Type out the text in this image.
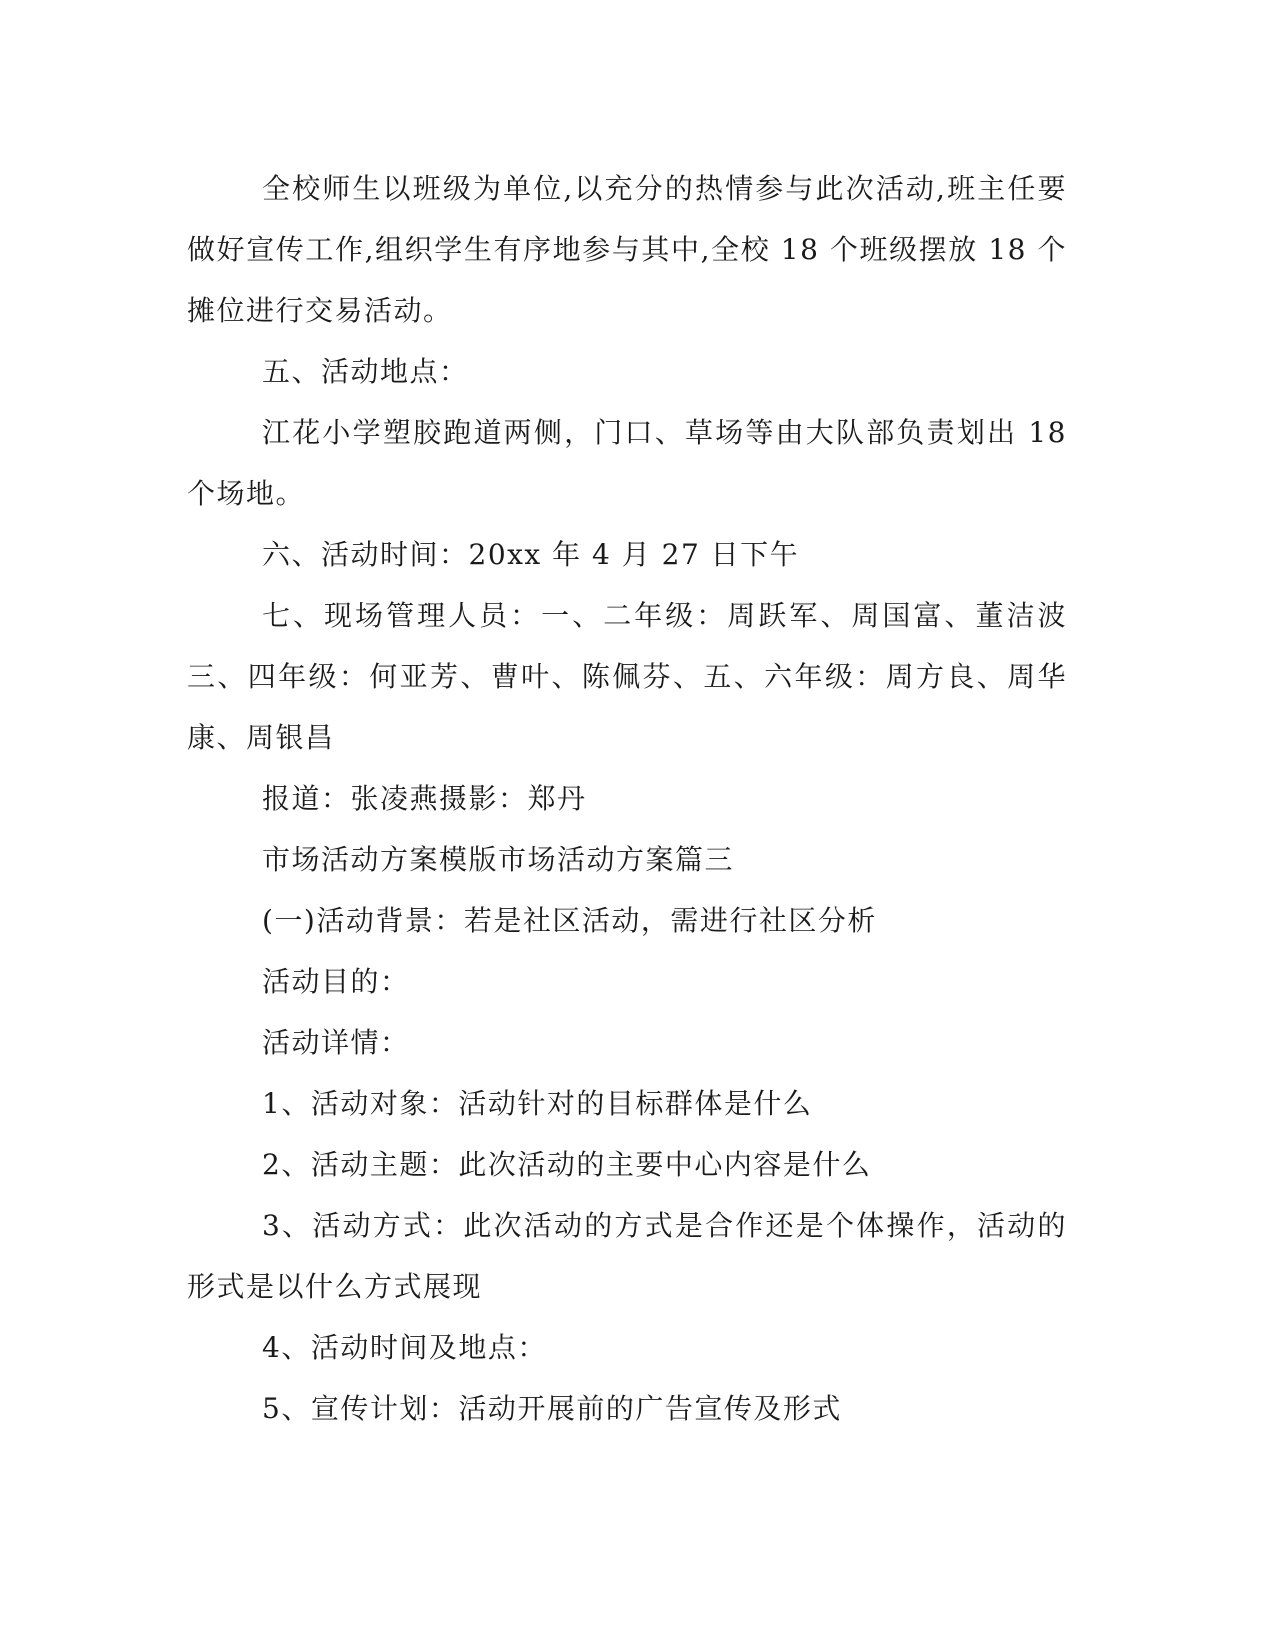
全校师生以班级为单位,以充分的热情参与此次活动,班主任要做好宣传工作,组织学生有序地参与其中,全校 18 个班级摆放 18 个摊位进行交易活动。

五、活动地点：

江花小学塑胶跑道两侧，门口、草场等由大队部负责划出 18 个场地。

六、活动时间：20xx 年 4 月 27 日下午

七、现场管理人员：一、二年级：周跃军、周国富、董洁波三、四年级：何亚芳、曹叶、陈佩芬、五、六年级：周方良、周华康、周银昌

报道：张凌燕摄影：郑丹

市场活动方案模版市场活动方案篇三

(一)活动背景：若是社区活动，需进行社区分析

活动目的：

活动详情：

1、活动对象：活动针对的目标群体是什么

2、活动主题：此次活动的主要中心内容是什么

3、活动方式：此次活动的方式是合作还是个体操作，活动的形式是以什么方式展现

4、活动时间及地点：

5、宣传计划：活动开展前的广告宣传及形式
